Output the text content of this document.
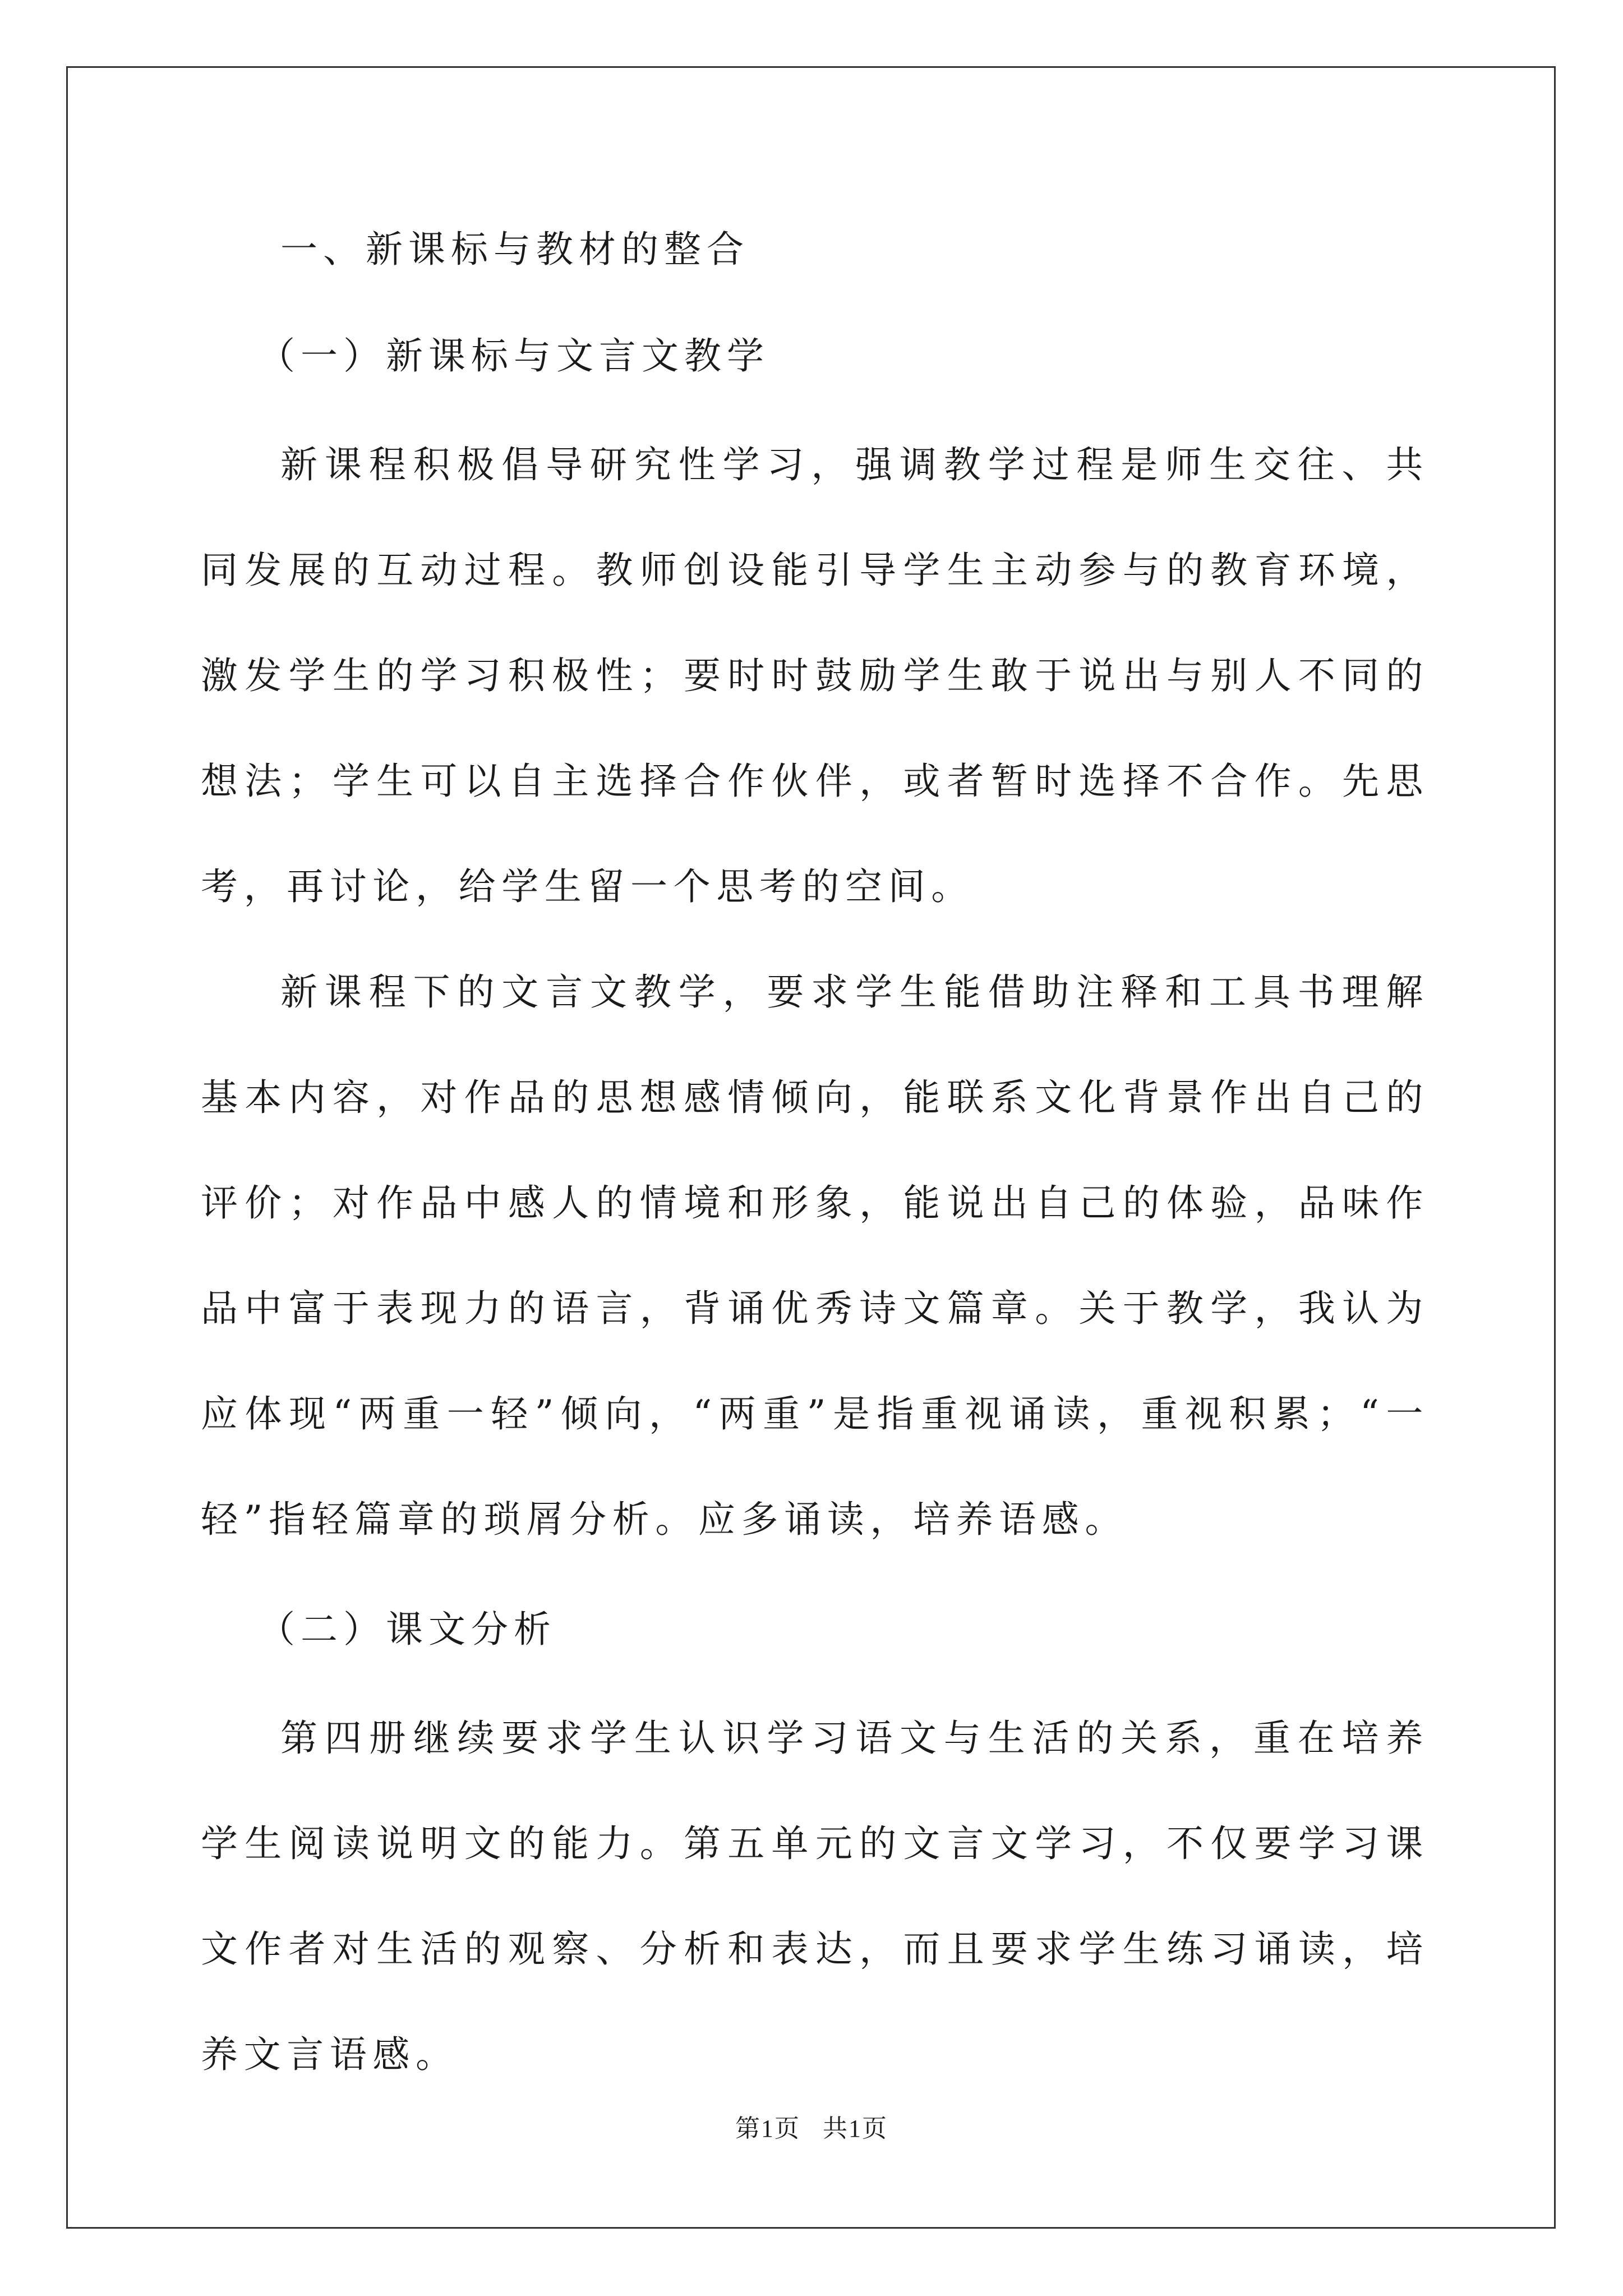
一、新课标与教材的整合
（一）新课标与文言文教学

新课程积极倡导研究性学习，强调教学过程是师生交往、共同发展的互动过程。教师创设能引导学生主动参与的教育环境，激发学生的学习积极性；要时时鼓励学生敢于说出与别人不同的想法；学生可以自主选择合作伙伴，或者暂时选择不合作。先思考，再讨论，给学生留一个思考的空间。

新课程下的文言文教学，要求学生能借助注释和工具书理解基本内容，对作品的思想感情倾向，能联系文化背景作出自己的评价；对作品中感人的情境和形象，能说出自己的体验，品味作品中富于表现力的语言，背诵优秀诗文篇章。关于教学，我认为应体现“两重一轻”倾向，“两重”是指重视诵读，重视积累；“一轻”指轻篇章的琐屑分析。应多诵读，培养语感。

（二）课文分析

第四册继续要求学生认识学习语文与生活的关系，重在培养学生阅读说明文的能力。第五单元的文言文学习，不仅要学习课文作者对生活的观察、分析和表达，而且要求学生练习诵读，培养文言语感。

第1页 共1页
